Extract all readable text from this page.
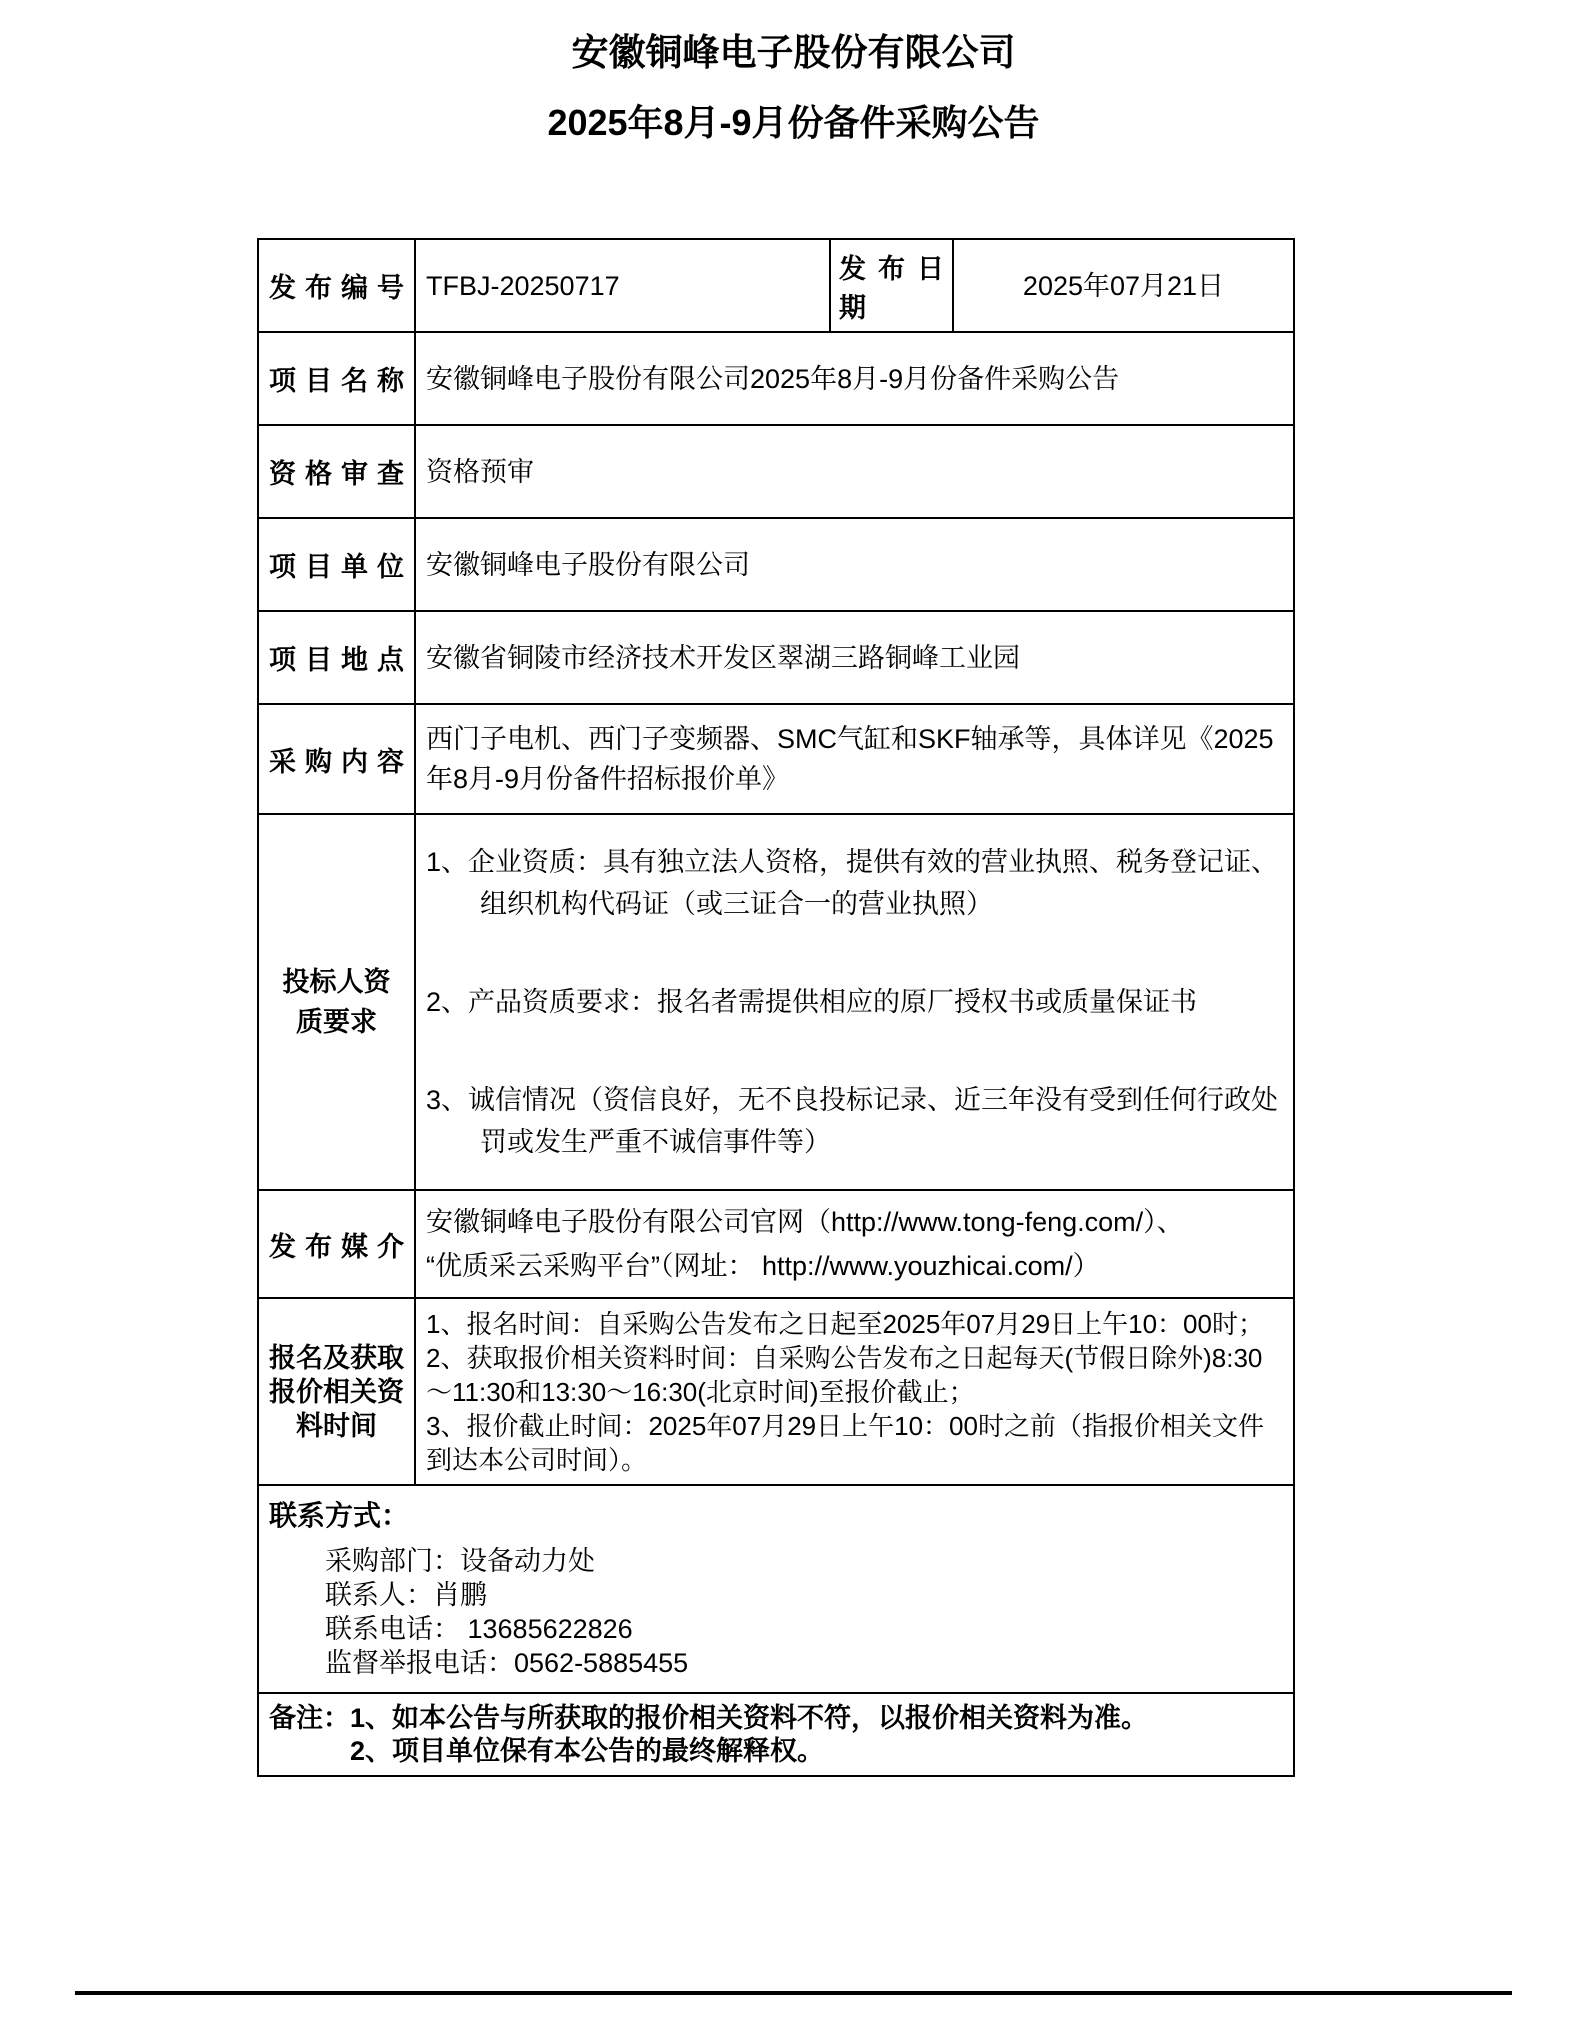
安徽铜峰电子股份有限公司
2025年8月-9月份备件采购公告
发布编号	TFBJ-20250717	发布日期	2025年07月21日

项目名称	安徽铜峰电子股份有限公司2025年8月-9月份备件采购公告		

资格审查	资格预审		

项目单位	安徽铜峰电子股份有限公司		

项目地点	安徽省铜陵市经济技术开发区翠湖三路铜峰工业园		

采购内容	西门子电机、西门子变频器、SMC气缸和SKF轴承等，具体详见《2025年8月-9月份备件招标报价单》		

投标人资
质要求

1、企业资质：具有独立法人资格，提供有效的营业执照、税务登记证、组织机构代码证（或三证合一的营业执照）
2、产品资质要求：报名者需提供相应的原厂授权书或质量保证书
3、诚信情况（资信良好，无不良投标记录、近三年没有受到任何行政处罚或发生严重不诚信事件等）

发布媒介	安徽铜峰电子股份有限公司官网（http://www.tong-feng.com/）、
“优质采云采购平台”（网址： http://www.youzhicai.com/）		

报名及获取
报价相关资
料时间

1、报名时间：自采购公告发布之日起至2025年07月29日上午10：00时；
2、获取报价相关资料时间：自采购公告发布之日起每天(节假日除外)8:30～11:30和13:30～16:30(北京时间)至报价截止；
3、报价截止时间：2025年07月29日上午10：00时之前（指报价相关文件到达本公司时间）。

联系方式：
采购部门：设备动力处
联系人：肖鹏
联系电话： 13685622826
监督举报电话：0562-5885455			

备注：1、如本公告与所获取的报价相关资料不符，以报价相关资料为准。
2、项目单位保有本公告的最终解释权。			
